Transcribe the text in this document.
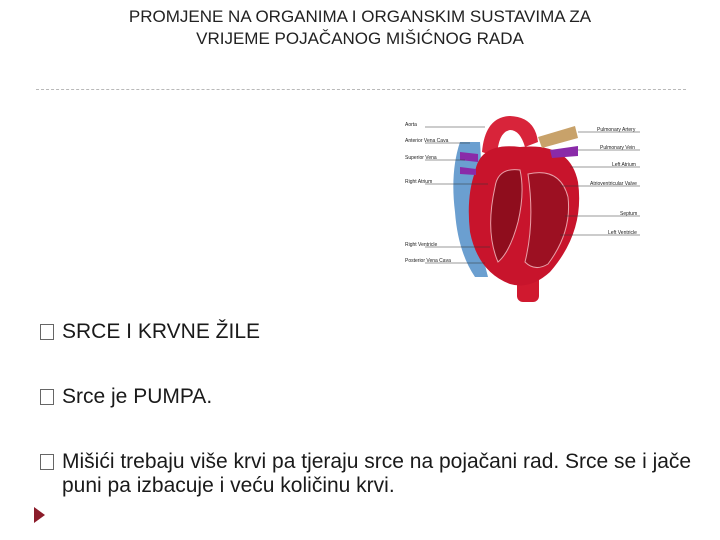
PROMJENE NA ORGANIMA I ORGANSKIM SUSTAVIMA ZA
VRIJEME POJAČANOG MIŠIĆNOG RADA
Aorta
Anterior Vena Cava
Superior Vena
Right Atrium
Right Ventricle
Posterior Vena Cava
Pulmonary Artery
Pulmonary Vein
Left Atrium
Atrioventricular Valve
Septum
Left Ventricle
SRCE I KRVNE ŽILE
Srce je PUMPA.
Mišići trebaju više krvi pa tjeraju srce na pojačani rad. Srce se i jače puni pa izbacuje i veću količinu krvi.
